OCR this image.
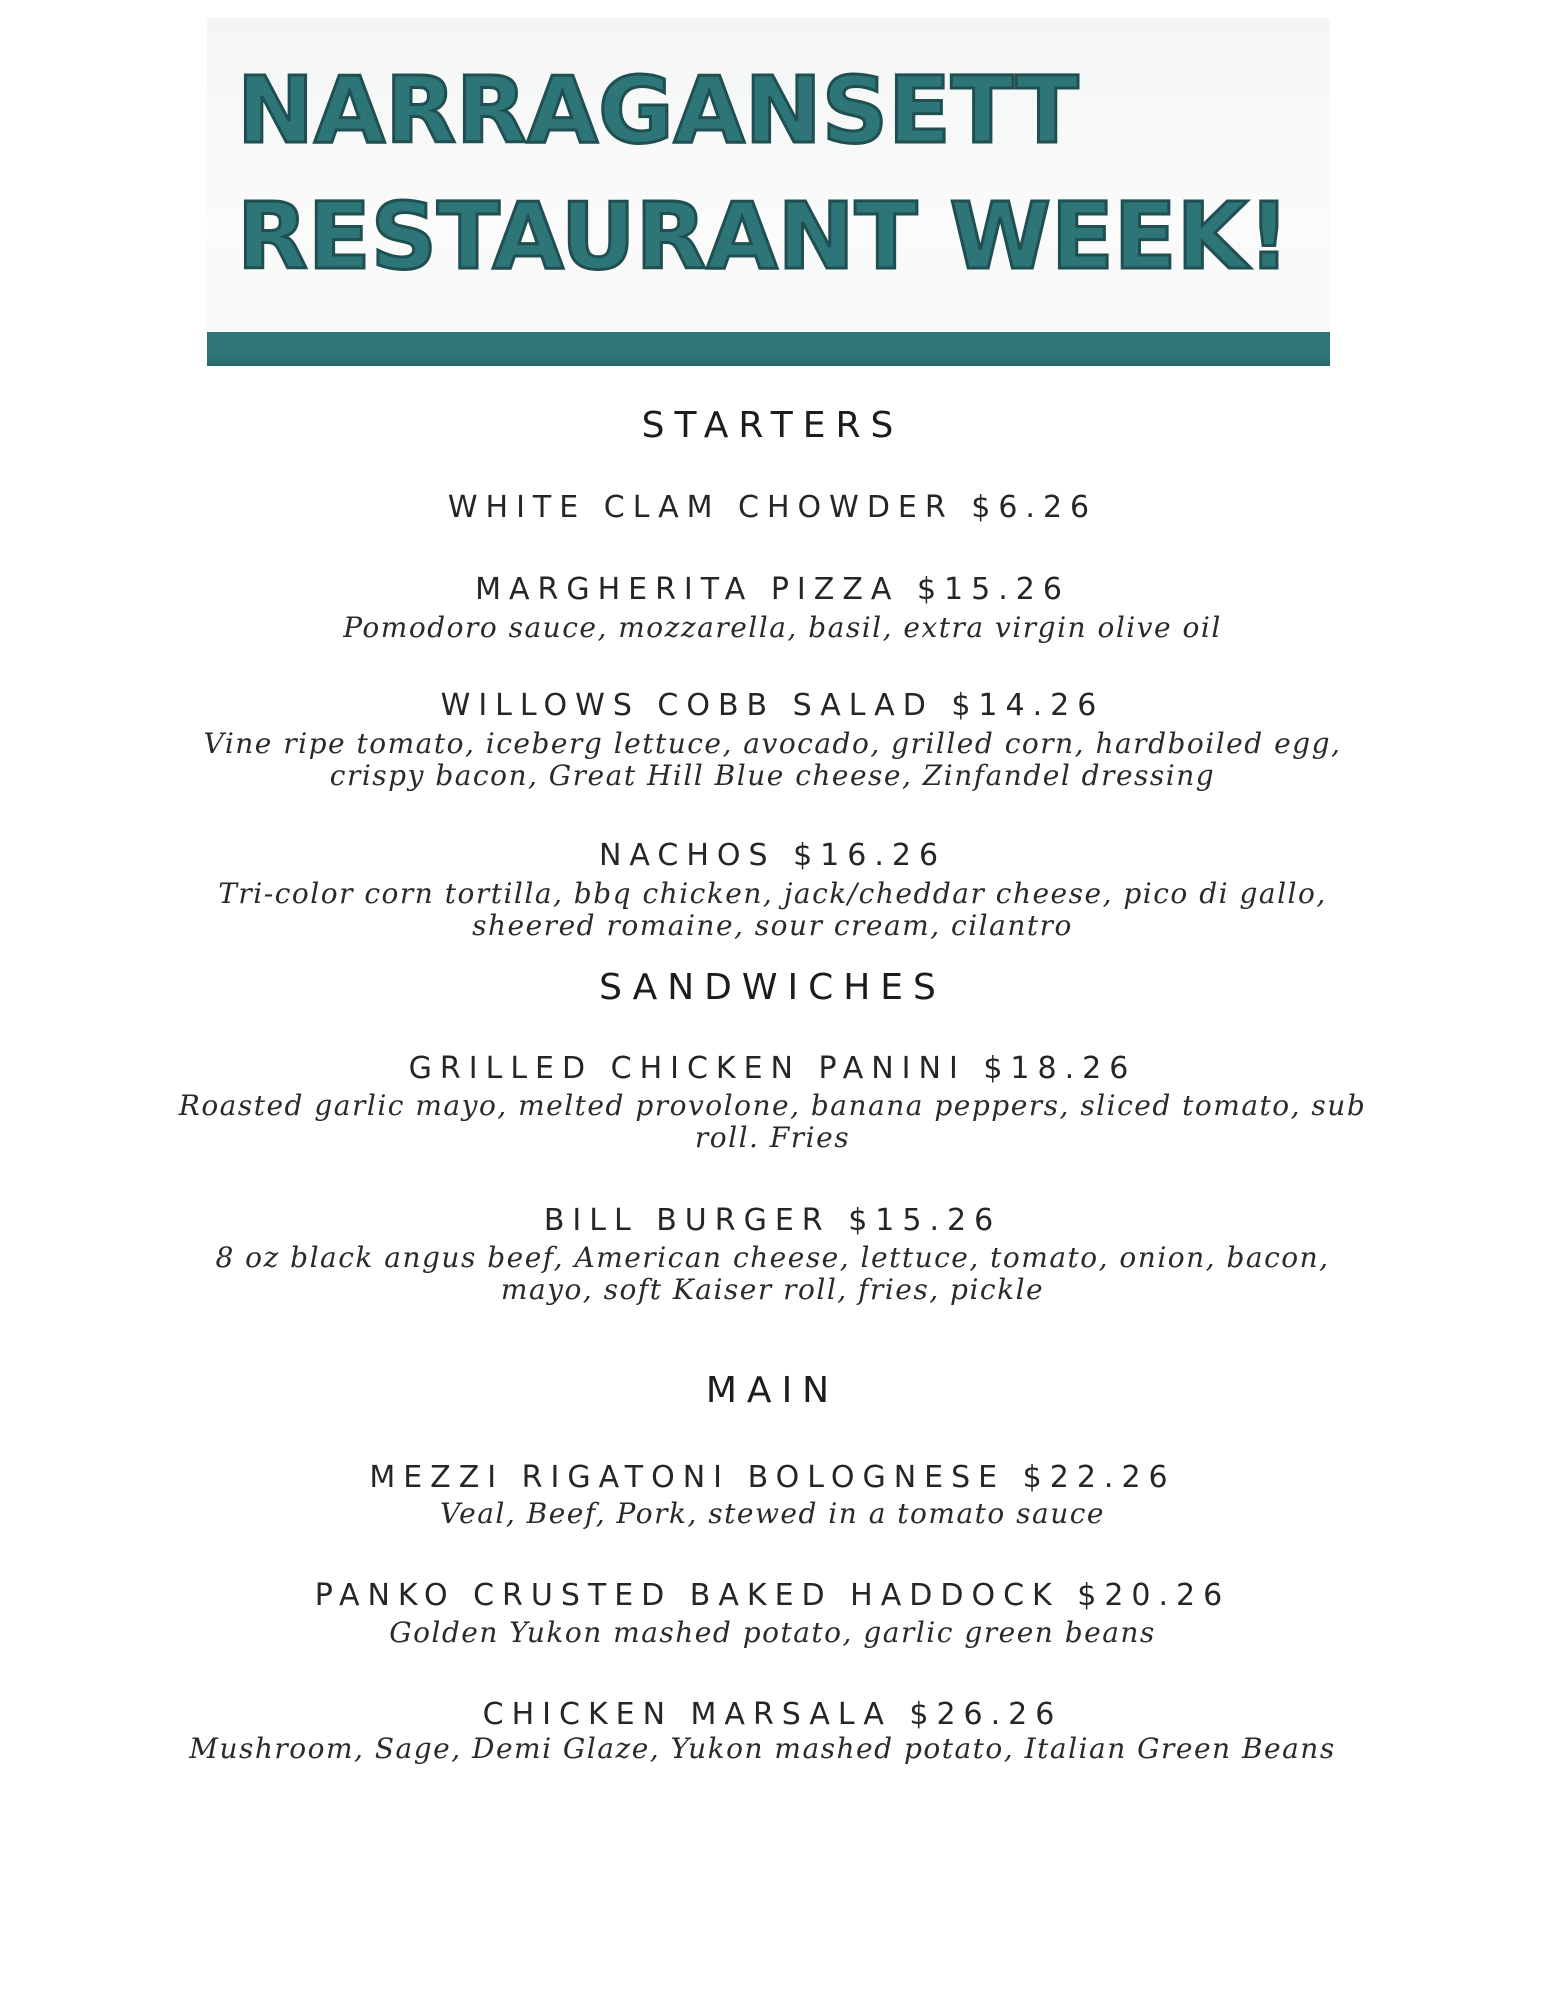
NARRAGANSETT
RESTAURANT WEEK!
STARTERS
WHITE CLAM CHOWDER $6.26
MARGHERITA PIZZA $15.26
Pomodoro sauce, mozzarella, basil, extra virgin olive oil
WILLOWS COBB SALAD $14.26
Vine ripe tomato, iceberg lettuce, avocado, grilled corn, hardboiled egg,
crispy bacon, Great Hill Blue cheese, Zinfandel dressing
NACHOS $16.26
Tri-color corn tortilla, bbq chicken, jack/cheddar cheese, pico di gallo,
sheered romaine, sour cream, cilantro
SANDWICHES
GRILLED CHICKEN PANINI $18.26
Roasted garlic mayo, melted provolone, banana peppers, sliced tomato, sub
roll. Fries
BILL BURGER $15.26
8 oz black angus beef, American cheese, lettuce, tomato, onion, bacon,
mayo, soft Kaiser roll, fries, pickle
MAIN
MEZZI RIGATONI BOLOGNESE $22.26
Veal, Beef, Pork, stewed in a tomato sauce
PANKO CRUSTED BAKED HADDOCK $20.26
Golden Yukon mashed potato, garlic green beans
CHICKEN MARSALA $26.26
Mushroom, Sage, Demi Glaze, Yukon mashed potato, Italian Green Beans
